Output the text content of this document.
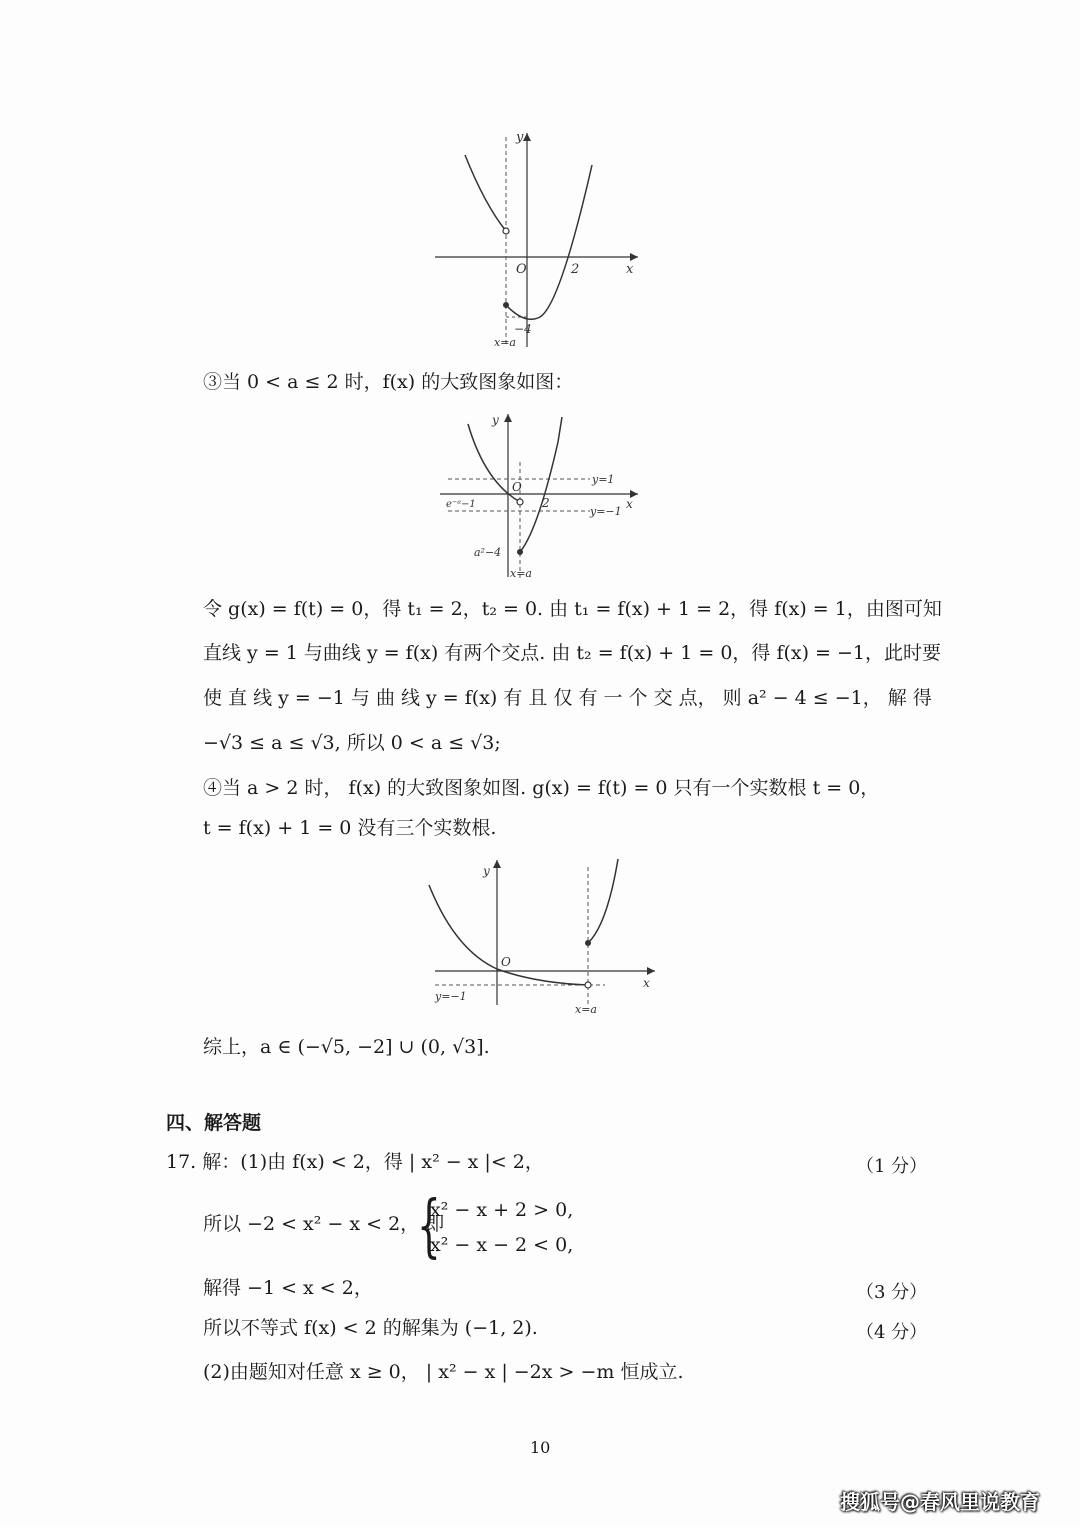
O	2	x
y
−4
x=a
③当 0 < a ≤ 2 时，f(x) 的大致图象如图：
O
2	x
y
y=1
y=−1
e⁻ᵃ−1
a²−4
x=a
令 g(x) = f(t) = 0，得 t₁ = 2，t₂ = 0. 由 t₁ = f(x) + 1 = 2，得 f(x) = 1，由图可知
直线 y = 1 与曲线 y = f(x) 有两个交点. 由 t₂ = f(x) + 1 = 0，得 f(x) = −1，此时要
使 直 线 y = −1 与 曲 线 y = f(x) 有 且 仅 有 一 个 交 点， 则 a² − 4 ≤ −1， 解 得
−√3 ≤ a ≤ √3, 所以 0 < a ≤ √3;
④当 a > 2 时， f(x) 的大致图象如图. g(x) = f(t) = 0 只有一个实数根 t = 0，
t = f(x) + 1 = 0 没有三个实数根.
O
x
y
y=−1
x=a
综上，a ∈ (−√5, −2] ∪ (0, √3].
四、解答题
17. 解：(1)由 f(x) < 2，得 | x² − x |< 2，	（1 分）
所以 −2 < x² − x < 2， 即
{
x² − x + 2 > 0,
x² − x − 2 < 0,
解得 −1 < x < 2，	（3 分）
所以不等式 f(x) < 2 的解集为 (−1, 2).	（4 分）
(2)由题知对任意 x ≥ 0， | x² − x | −2x > −m 恒成立.
10
搜狐号@春风里说教育
